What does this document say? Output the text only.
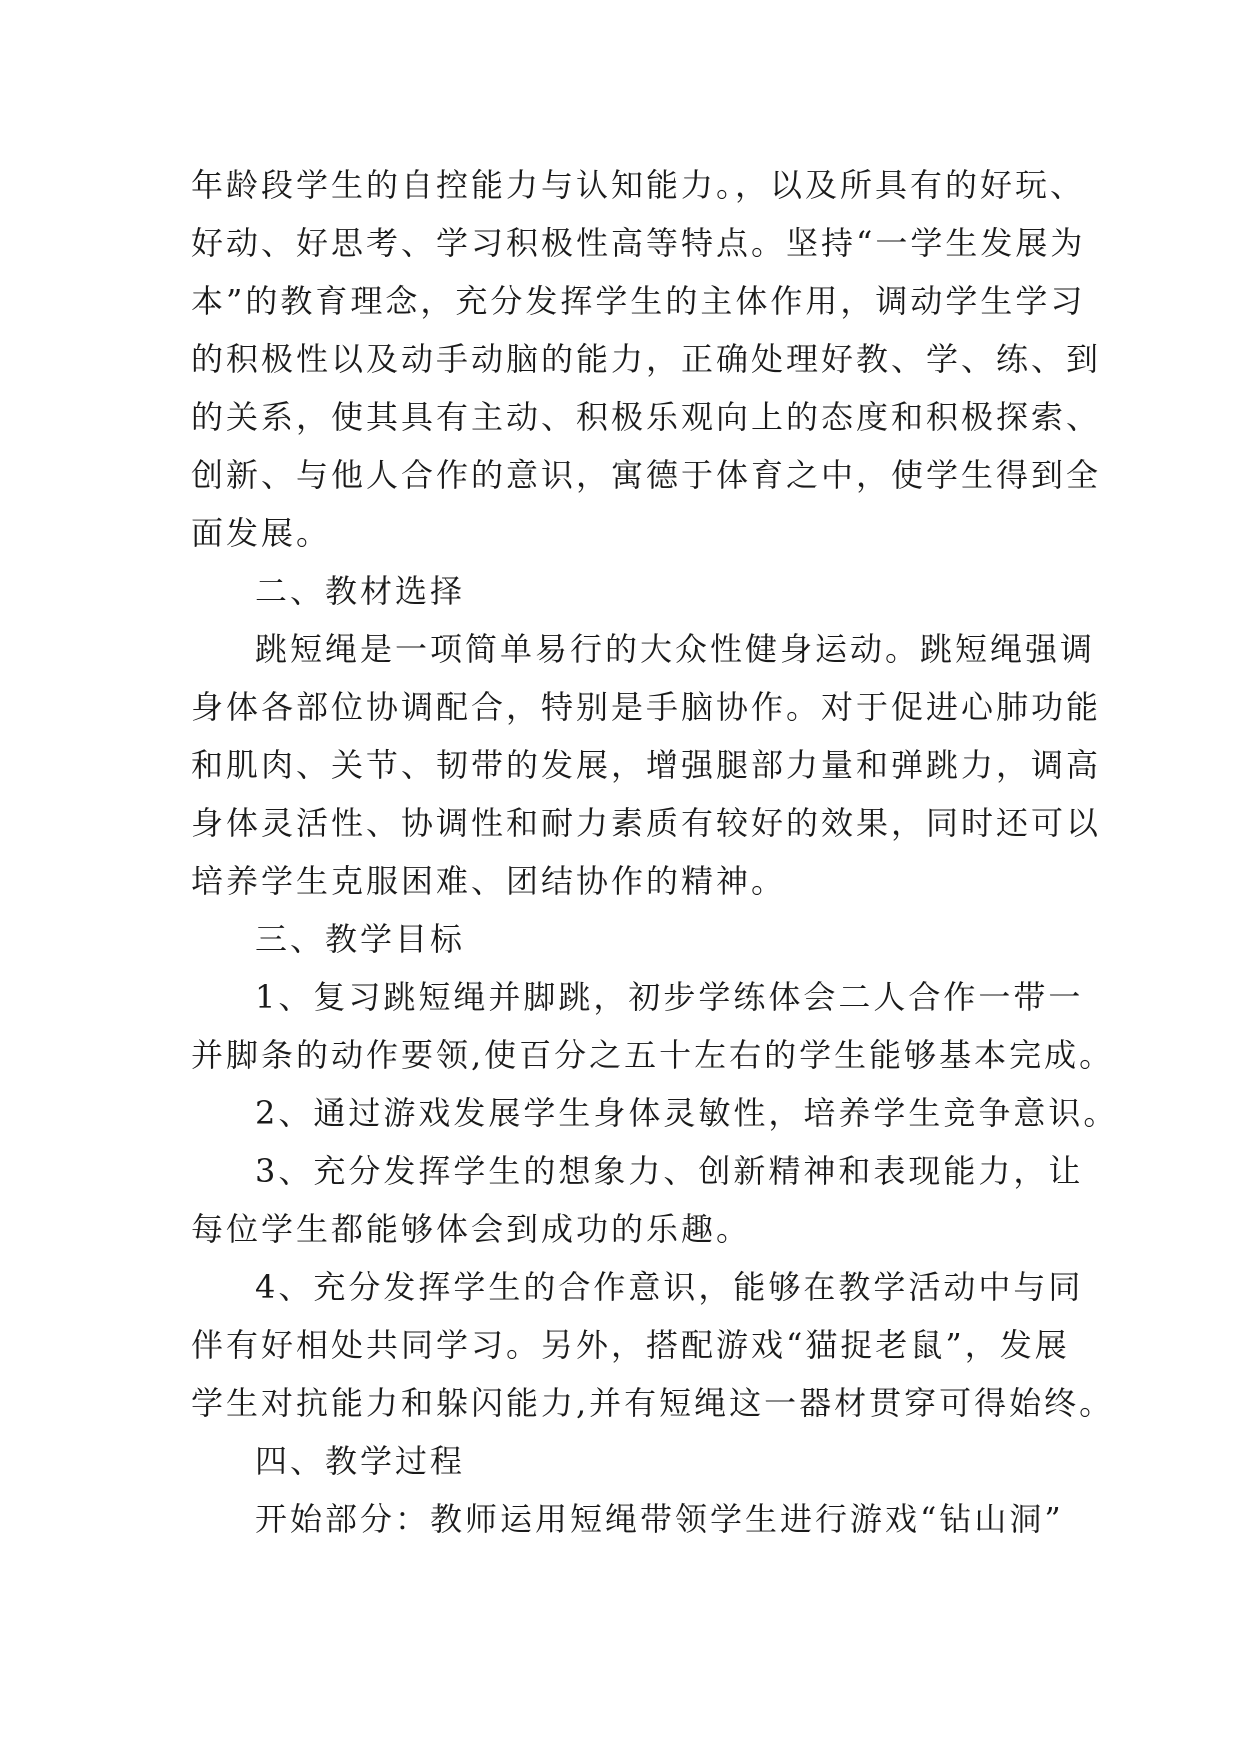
年龄段学生的自控能力与认知能力。，以及所具有的好玩、
好动、好思考、学习积极性高等特点。坚持“一学生发展为
本”的教育理念，充分发挥学生的主体作用，调动学生学习
的积极性以及动手动脑的能力，正确处理好教、学、练、到
的关系，使其具有主动、积极乐观向上的态度和积极探索、
创新、与他人合作的意识，寓德于体育之中，使学生得到全
面发展。
二、教材选择
跳短绳是一项简单易行的大众性健身运动。跳短绳强调
身体各部位协调配合，特别是手脑协作。对于促进心肺功能
和肌肉、关节、韧带的发展，增强腿部力量和弹跳力，调高
身体灵活性、协调性和耐力素质有较好的效果，同时还可以
培养学生克服困难、团结协作的精神。
三、教学目标
1、复习跳短绳并脚跳，初步学练体会二人合作一带一
并脚条的动作要领,使百分之五十左右的学生能够基本完成。
2、通过游戏发展学生身体灵敏性，培养学生竞争意识。
3、充分发挥学生的想象力、创新精神和表现能力，让
每位学生都能够体会到成功的乐趣。
4、充分发挥学生的合作意识，能够在教学活动中与同
伴有好相处共同学习。另外，搭配游戏“猫捉老鼠”，发展
学生对抗能力和躲闪能力,并有短绳这一器材贯穿可得始终。
四、教学过程
开始部分：教师运用短绳带领学生进行游戏“钻山洞”
